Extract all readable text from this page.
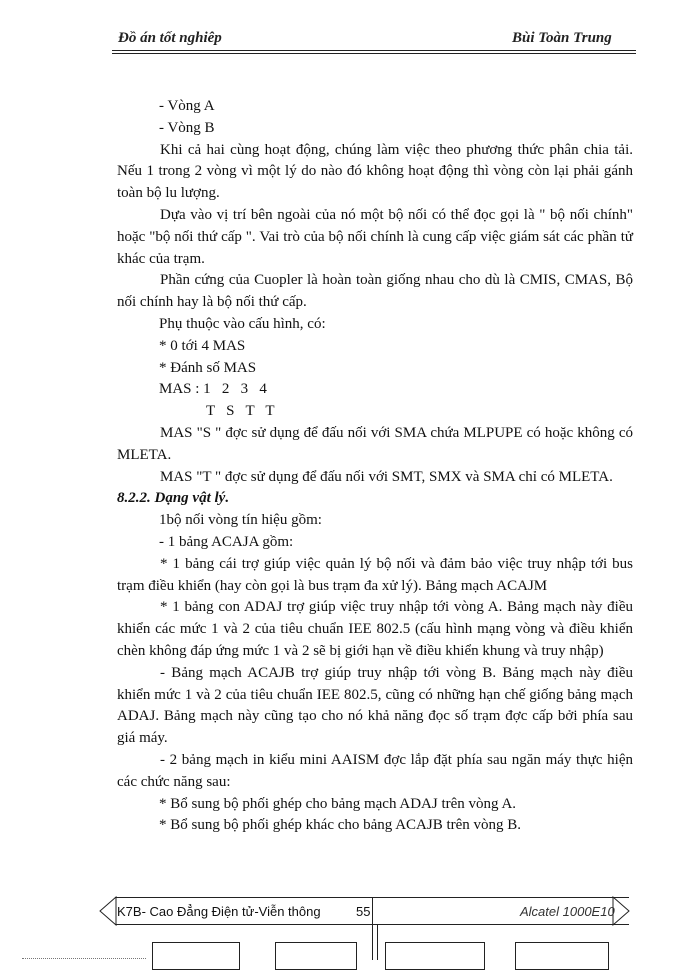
Đồ án tốt nghiêp	Bùi Toàn Trung

- Vòng A

- Vòng B

Khi cả hai cùng hoạt động, chúng làm việc theo phương thức phân chia tải. Nếu 1 trong 2 vòng vì một lý do nào đó không hoạt động thì vòng còn lại phải gánh toàn bộ lu lượng.

Dựa vào vị trí bên ngoài của nó một bộ nối có thể đọc gọi là " bộ nối chính" hoặc "bộ nối thứ cấp ". Vai trò của bộ nối chính là cung cấp việc giám sát các phần tử khác của trạm.

Phần cứng của Cuopler là hoàn toàn giống nhau cho dù là CMIS, CMAS, Bộ nối chính hay là bộ nối thứ cấp.

Phụ thuộc vào cấu hình, có:

* 0 tới 4 MAS

* Đánh số MAS

MAS : 1   2   3   4

T   S   T   T

MAS "S " đợc sử dụng để đấu nối với SMA chứa MLPUPE có hoặc không có MLETA.

MAS "T " đợc sử dụng để đấu nối với SMT, SMX và SMA chỉ có MLETA.

8.2.2. Dạng vật lý.

1bộ nối vòng tín hiệu gồm:

- 1 bảng ACAJA gồm:

* 1 bảng cái trợ giúp việc quản lý bộ nối và đảm bảo việc truy nhập tới bus trạm điều khiển (hay còn gọi là bus trạm đa xử lý). Bảng mạch ACAJM

* 1 bảng con ADAJ trợ giúp việc truy nhập tới vòng A. Bảng mạch này điều khiển các mức 1 và 2 của tiêu chuẩn IEE 802.5 (cấu hình mạng vòng và điều khiển chèn không đáp ứng mức 1 và 2 sẽ bị giới hạn về điều khiển khung và truy nhập)

- Bảng mạch ACAJB trợ giúp truy nhập tới vòng B. Bảng mạch này điều khiển mức 1 và 2 của tiêu chuẩn IEE 802.5, cũng có những hạn chế giống bảng mạch ADAJ. Bảng mạch này cũng tạo cho nó khả năng đọc số trạm đợc cấp bởi phía sau giá máy.

- 2 bảng mạch in kiểu mini AAISM đợc lắp đặt phía sau ngăn máy thực hiện các chức năng sau:

* Bổ sung bộ phối ghép cho bảng mạch ADAJ trên vòng A.

* Bổ sung bộ phối ghép khác cho bảng ACAJB trên vòng B.

K7B- Cao Đẳng Điện tử-Viễn thông	55	Alcatel 1000E10
